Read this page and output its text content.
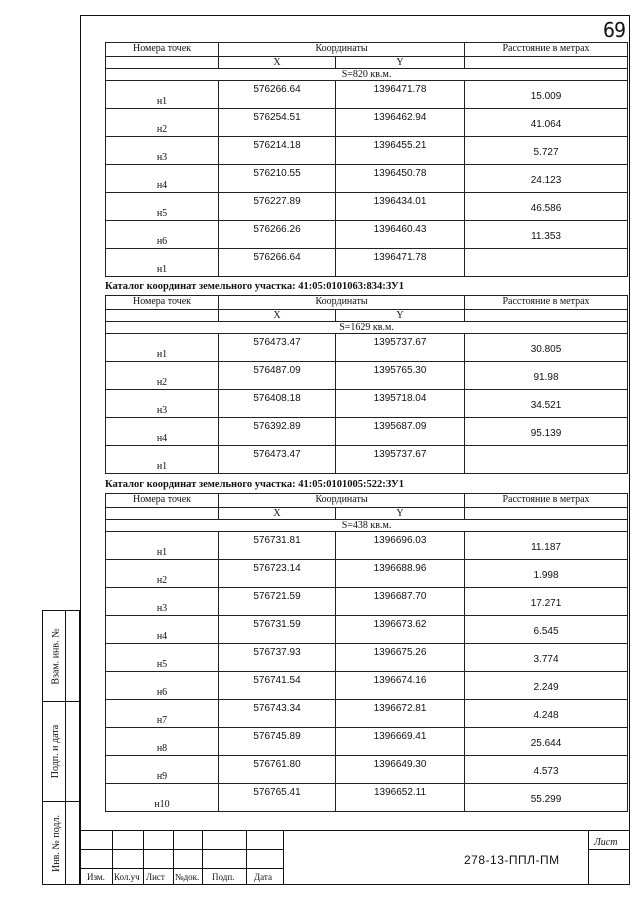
69
Номера точек	Координаты		Расстояние в метрах
	X	Y	
S=820 кв.м.			
н1	576266.64	1396471.78	15.009
н2	576254.51	1396462.94	41.064
н3	576214.18	1396455.21	5.727
н4	576210.55	1396450.78	24.123
н5	576227.89	1396434.01	46.586
н6	576266.26	1396460.43	11.353
н1	576266.64	1396471.78	
Каталог координат земельного участка: 41:05:0101063:834:ЗУ1
Номера точек	Координаты		Расстояние в метрах
	X	Y	
S=1629 кв.м.			
н1	576473.47	1395737.67	30.805
н2	576487.09	1395765.30	91.98
н3	576408.18	1395718.04	34.521
н4	576392.89	1395687.09	95.139
н1	576473.47	1395737.67	
Каталог координат земельного участка: 41:05:0101005:522:ЗУ1
Номера точек	Координаты		Расстояние в метрах
	X	Y	
S=438 кв.м.			
н1	576731.81	1396696.03	11.187
н2	576723.14	1396688.96	1.998
н3	576721.59	1396687.70	17.271
н4	576731.59	1396673.62	6.545
н5	576737.93	1396675.26	3.774
н6	576741.54	1396674.16	2.249
н7	576743.34	1396672.81	4.248
н8	576745.89	1396669.41	25.644
н9	576761.80	1396649.30	4.573
н10	576765.41	1396652.11	55.299
Взам. инв. №
Подп. и дата
Инв. № подл.
Изм. Кол.уч Лист №док. Подп. Дата
278-13-ППЛ-ПМ
Лист
